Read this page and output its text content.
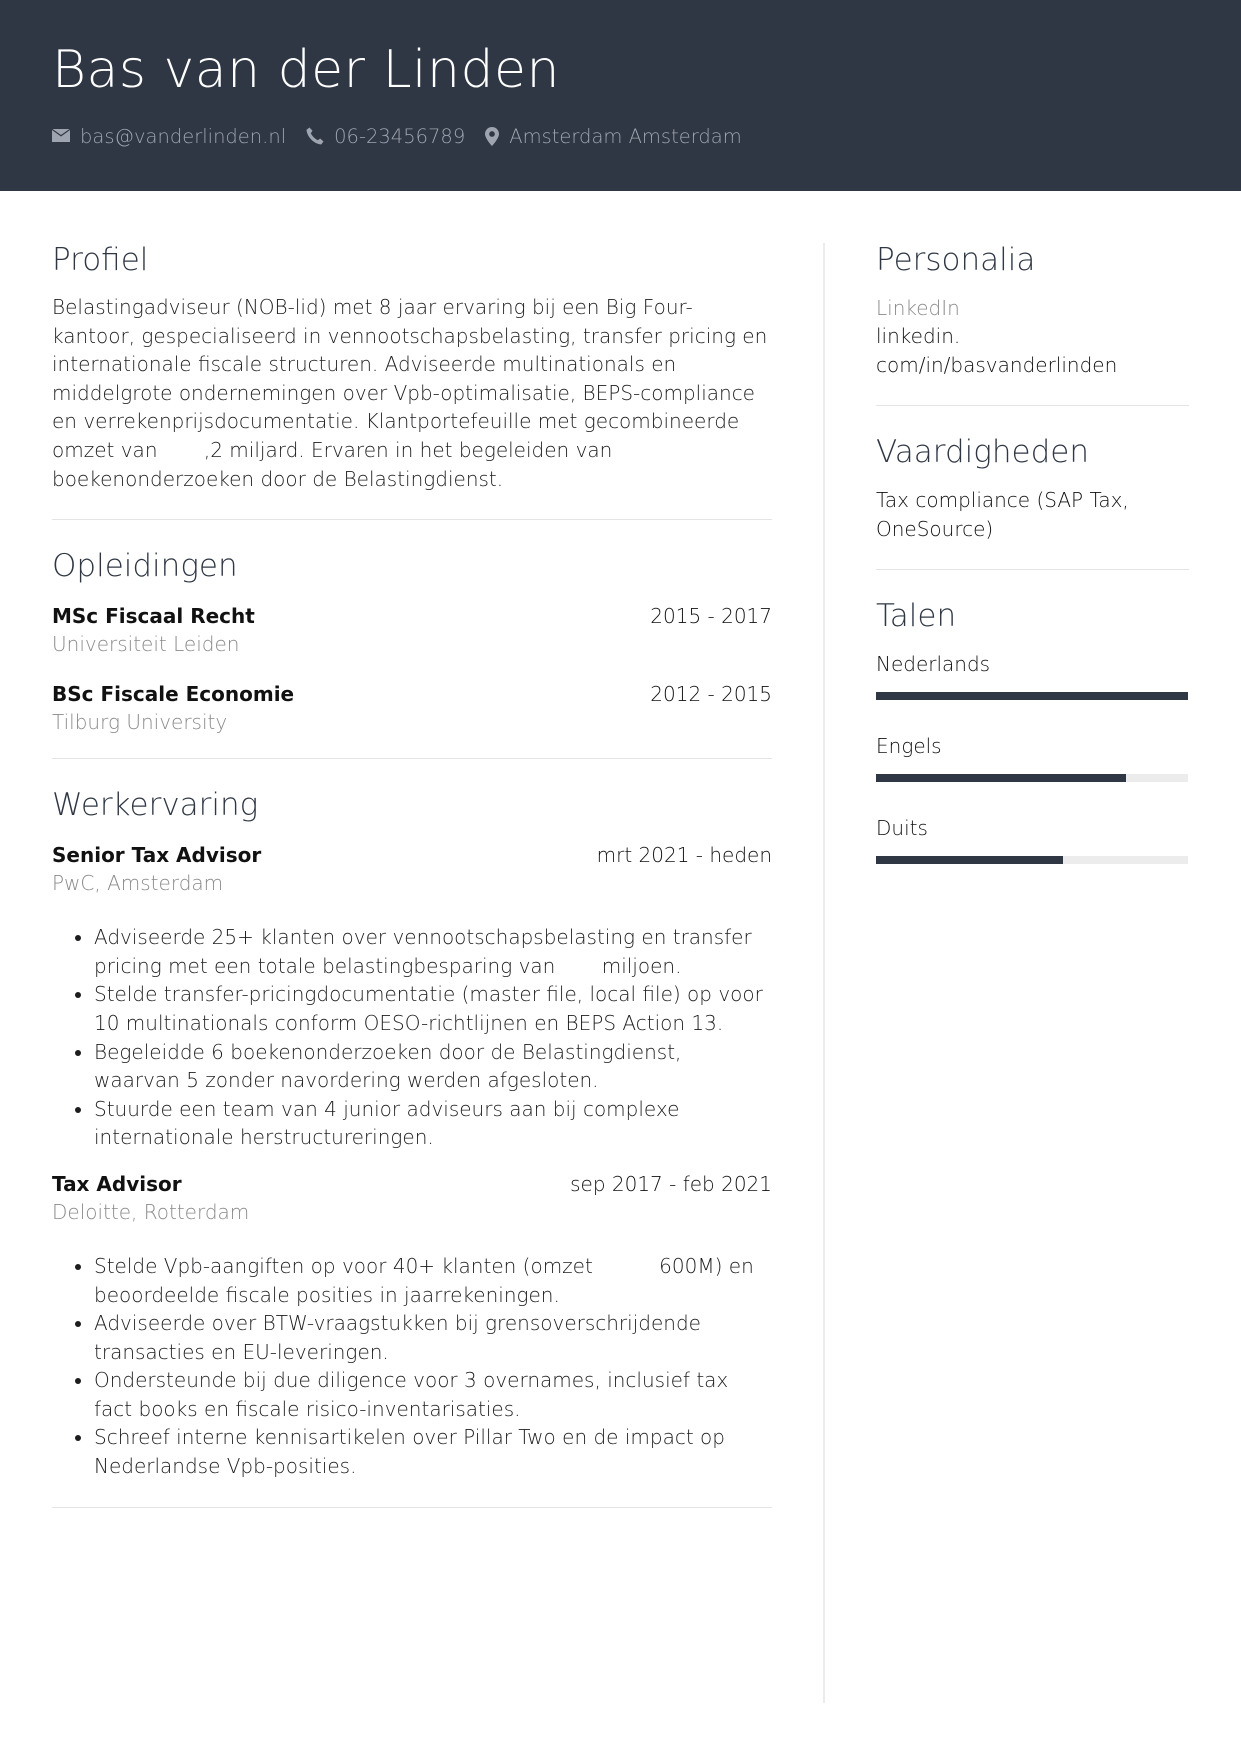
Bas van der Linden
bas@vanderlinden.nl 06-23456789 Amsterdam Amsterdam
Profiel

Belastingadviseur (NOB-lid) met 8 jaar ervaring bij een Big Four-kantoor, gespecialiseerd in vennootschapsbelasting, transfer pricing en internationale fiscale structuren. Adviseerde multinationals en middelgrote ondernemingen over Vpb-optimalisatie, BEPS-compliance en verrekenprijsdocumentatie. Klantportefeuille met gecombineerde omzet van   ,2 miljard. Ervaren in het begeleiden van boekenonderzoeken door de Belastingdienst.

Opleidingen
MSc Fiscaal Recht	2015 - 2017
Universiteit Leiden
BSc Fiscale Economie	2012 - 2015
Tilburg University
Werkervaring
Senior Tax Advisor	mrt 2021 - heden
PwC, Amsterdam
• Adviseerde 25+ klanten over vennootschapsbelasting en transfer pricing met een totale belastingbesparing van   miljoen.
• Stelde transfer-pricingdocumentatie (master file, local file) op voor 10 multinationals conform OESO-richtlijnen en BEPS Action 13.
• Begeleidde 6 boekenonderzoeken door de Belastingdienst, waarvan 5 zonder navordering werden afgesloten.
• Stuurde een team van 4 junior adviseurs aan bij complexe internationale herstructureringen.
Tax Advisor	sep 2017 - feb 2021
Deloitte, Rotterdam
• Stelde Vpb-aangiften op voor 40+ klanten (omzet    600M) en beoordeelde fiscale posities in jaarrekeningen.
• Adviseerde over BTW-vraagstukken bij grensoverschrijdende transacties en EU-leveringen.
• Ondersteunde bij due diligence voor 3 overnames, inclusief tax fact books en fiscale risico-inventarisaties.
• Schreef interne kennisartikelen over Pillar Two en de impact op Nederlandse Vpb-posities.
Personalia
LinkedIn
linkedin.
com/in/basvanderlinden
Vaardigheden
Tax compliance (SAP Tax, OneSource)
Talen
Nederlands
Engels
Duits
